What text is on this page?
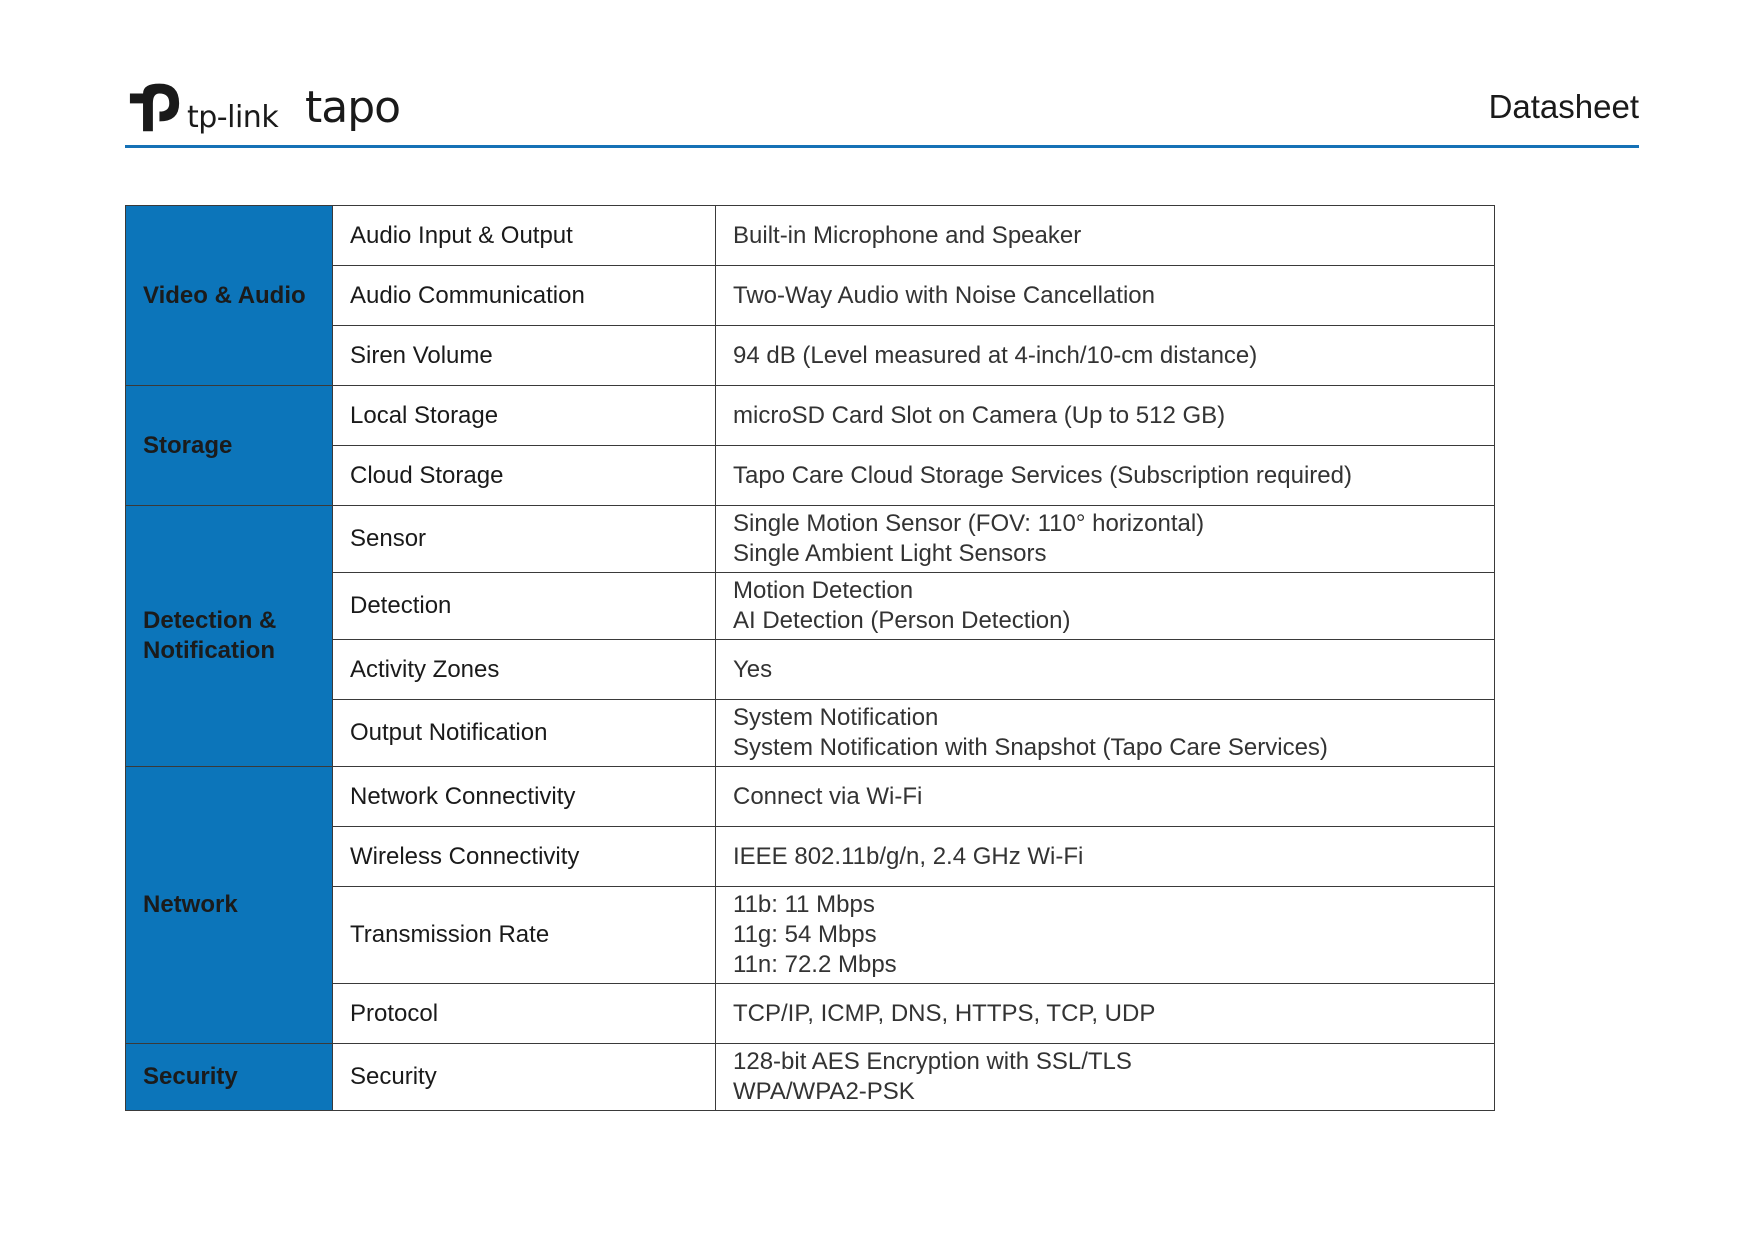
tp-link tapo	Datasheet
Video & Audio	Audio Input & Output	Built-in Microphone and Speaker

	Audio Communication	Two-Way Audio with Noise Cancellation

	Siren Volume	94 dB (Level measured at 4-inch/10-cm distance)

Storage	Local Storage	microSD Card Slot on Camera (Up to 512 GB)

	Cloud Storage	Tapo Care Cloud Storage Services (Subscription required)

Detection & Notification	Sensor	Single Motion Sensor (FOV: 110° horizontal)
Single Ambient Light Sensors

	Detection	Motion Detection
AI Detection (Person Detection)

	Activity Zones	Yes

	Output Notification	System Notification
System Notification with Snapshot (Tapo Care Services)

Network	Network Connectivity	Connect via Wi-Fi

	Wireless Connectivity	IEEE 802.11b/g/n, 2.4 GHz Wi-Fi

	Transmission Rate	11b: 11 Mbps
11g: 54 Mbps
11n: 72.2 Mbps

	Protocol	TCP/IP, ICMP, DNS, HTTPS, TCP, UDP

Security	Security	128-bit AES Encryption with SSL/TLS
WPA/WPA2-PSK
